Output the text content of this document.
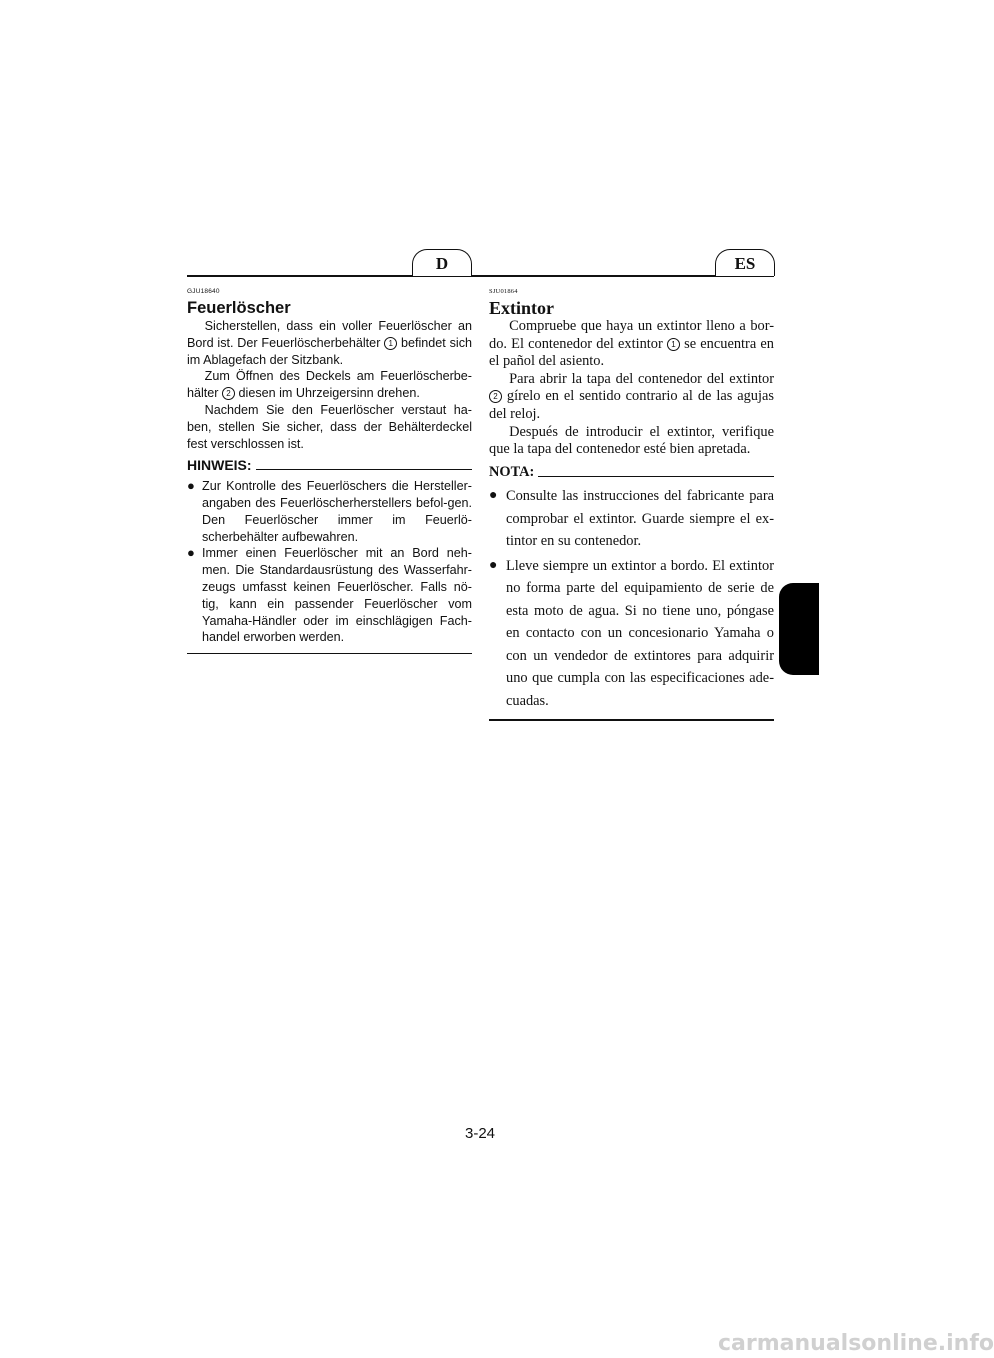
D	ES
GJU18640
Feuerlöscher

Sicherstellen, dass ein voller Feuerlöscher an Bord ist. Der Feuerlöscherbehälter 1 befindet sich im Ablagefach der Sitzbank.

Zum Öffnen des Deckels am Feuerlöscherbe-hälter 2 diesen im Uhrzeigersinn drehen.

Nachdem Sie den Feuerlöscher verstaut ha-ben, stellen Sie sicher, dass der Behälterdeckel fest verschlossen ist.

HINWEIS:
● Zur Kontrolle des Feuerlöschers die Hersteller-angaben des Feuerlöscherherstellers befol-gen. Den Feuerlöscher immer im Feuerlö-scherbehälter aufbewahren.
● Immer einen Feuerlöscher mit an Bord neh-men. Die Standardausrüstung des Wasserfahr-zeugs umfasst keinen Feuerlöscher. Falls nö-tig, kann ein passender Feuerlöscher vom Yamaha-Händler oder im einschlägigen Fach-handel erworben werden.
SJU01864
Extintor

Compruebe que haya un extintor lleno a bor-do. El contenedor del extintor 1 se encuentra en el pañol del asiento.

Para abrir la tapa del contenedor del extintor 2 gírelo en el sentido contrario al de las agujas del reloj.

Después de introducir el extintor, verifique que la tapa del contenedor esté bien apretada.

NOTA:
● Consulte las instrucciones del fabricante para comprobar el extintor. Guarde siempre el ex-tintor en su contenedor.
● Lleve siempre un extintor a bordo. El extintor no forma parte del equipamiento de serie de esta moto de agua. Si no tiene uno, póngase en contacto con un concesionario Yamaha o con un vendedor de extintores para adquirir uno que cumpla con las especificaciones ade-cuadas.
3-24
carmanualsonline.info
